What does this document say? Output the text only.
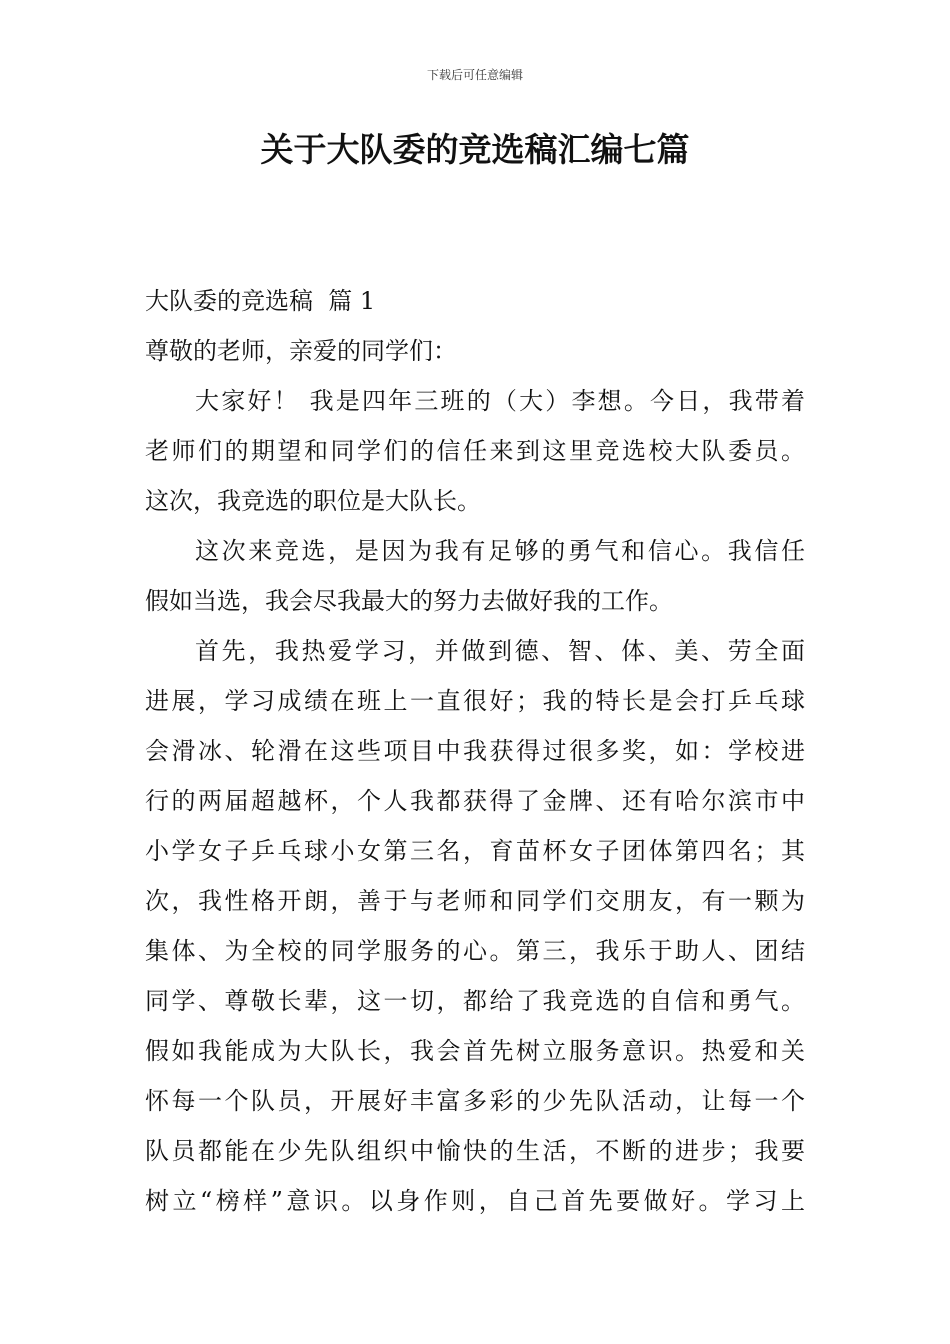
下载后可任意编辑
关于大队委的竞选稿汇编七篇
大队委的竞选稿  篇 1
尊敬的老师，亲爱的同学们：
大家好！ 我是四年三班的（大）李想。今日，我带着
老师们的期望和同学们的信任来到这里竞选校大队委员。
这次，我竞选的职位是大队长。
这次来竞选，是因为我有足够的勇气和信心。我信任
假如当选，我会尽我最大的努力去做好我的工作。
首先，我热爱学习，并做到德、智、体、美、劳全面
进展，学习成绩在班上一直很好；我的特长是会打乒乓球
会滑冰、轮滑在这些项目中我获得过很多奖，如：学校进
行的两届超越杯，个人我都获得了金牌、还有哈尔滨市中
小学女子乒乓球小女第三名，育苗杯女子团体第四名；其
次，我性格开朗，善于与老师和同学们交朋友，有一颗为
集体、为全校的同学服务的心。第三，我乐于助人、团结
同学、尊敬长辈，这一切，都给了我竞选的自信和勇气。
假如我能成为大队长，我会首先树立服务意识。热爱和关
怀每一个队员，开展好丰富多彩的少先队活动，让每一个
队员都能在少先队组织中愉快的生活，不断的进步；我要
树立“榜样”意识。以身作则，自己首先要做好。学习上
